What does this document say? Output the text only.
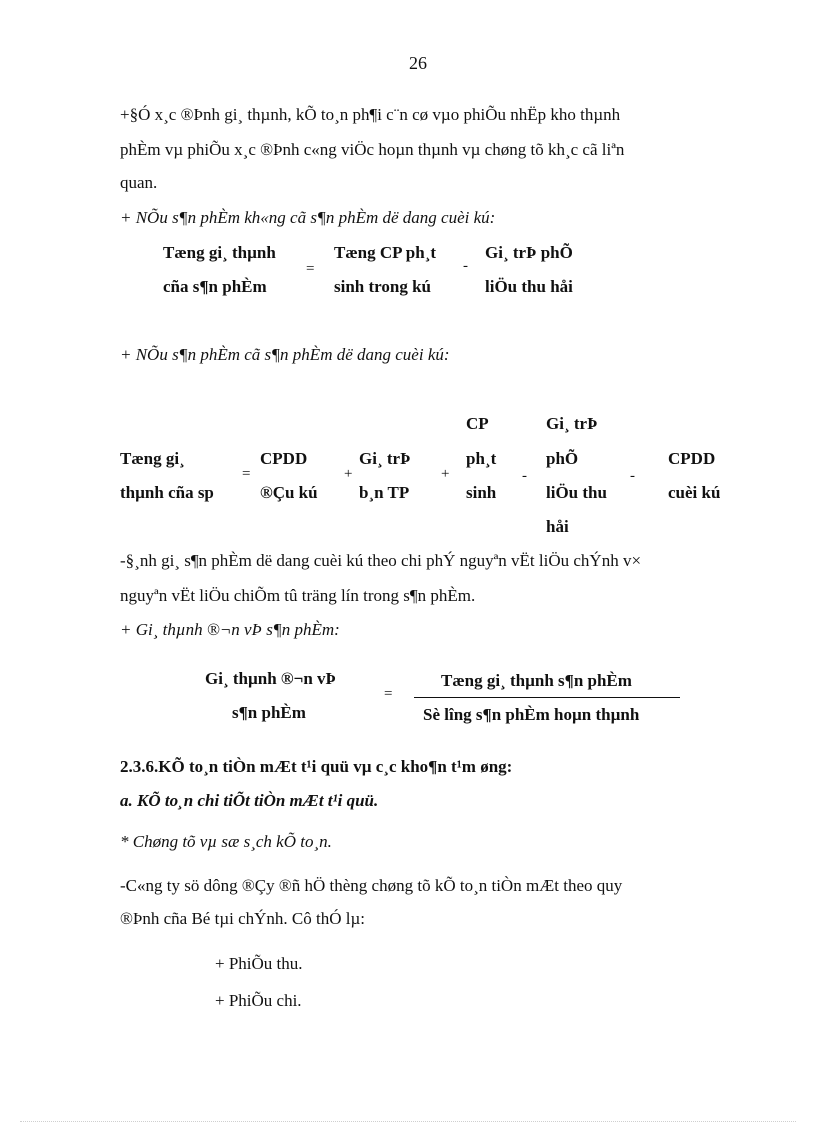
26
+§Ó x¸c ®Þnh gi¸ thµnh, kÕ to¸n ph¶i c¨n cø vµo phiÕu nhËp kho thµnh
phÈm vµ phiÕu x¸c ®Þnh c«ng viÖc hoµn thµnh vµ chøng tõ kh¸c cã liªn
quan.
+ NÕu s¶n phÈm kh«ng cã s¶n phÈm dë dang cuèi kú:
Tæng gi¸ thµnh
cña s¶n phÈm
=
Tæng CP ph¸t
sinh trong kú
-
Gi¸ trÞ phÕ
liÖu thu håi
+ NÕu s¶n phÈm cã s¶n phÈm dë dang cuèi kú:
Tæng gi¸
thµnh cña sp
=
CPDD
®Çu kú
+
Gi¸ trÞ
b¸n TP
+
CP
ph¸t
sinh
-
Gi¸ trÞ
phÕ
liÖu thu
håi
-
CPDD
cuèi kú
-§¸nh gi¸ s¶n phÈm dë dang cuèi kú theo chi phÝ nguyªn vËt liÖu chÝnh v×
nguyªn vËt liÖu chiÕm tû träng lín trong s¶n phÈm.
+ Gi¸ thµnh ®¬n vÞ s¶n phÈm:
Gi¸ thµnh ®¬n vÞ
s¶n phÈm
=
Tæng gi¸ thµnh s¶n phÈm
Sè lîng s¶n phÈm hoµn thµnh
2.3.6.KÕ to¸n tiÒn mÆt t¹i quü vµ c¸c kho¶n t¹m øng:
a. KÕ to¸n chi tiÕt tiÒn mÆt t¹i quü.
* Chøng tõ vµ sæ s¸ch kÕ to¸n.
-C«ng ty sö dông ®Çy ®ñ hÖ thèng chøng tõ kÕ to¸n tiÒn mÆt theo quy
®Þnh cña Bé tµi chÝnh. Cô thÓ lµ:
+ PhiÕu thu.
+ PhiÕu chi.
